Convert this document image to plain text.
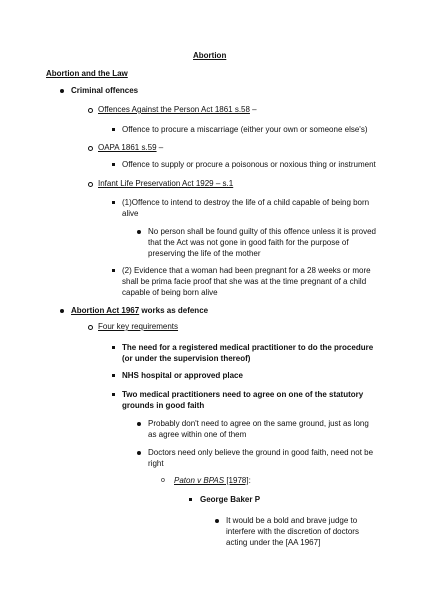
Abortion
Abortion and the Law
Criminal offences
Offences Against the Person Act 1861 s.58 –
Offence to procure a miscarriage (either your own or someone else's)
OAPA 1861 s.59 –
Offence to supply or procure a poisonous or noxious thing or instrument
Infant Life Preservation Act 1929 – s.1
(1)Offence to intend to destroy the life of a child capable of being born
alive
No person shall be found guilty of this offence unless it is proved
that the Act was not gone in good faith for the purpose of
preserving the life of the mother
(2) Evidence that a woman had been pregnant for a 28 weeks or more
shall be prima facie proof that she was at the time pregnant of a child
capable of being born alive
Abortion Act 1967 works as defence
Four key requirements
The need for a registered medical practitioner to do the procedure
(or under the supervision thereof)
NHS hospital or approved place
Two medical practitioners need to agree on one of the statutory
grounds in good faith
Probably don't need to agree on the same ground, just as long
as agree within one of them
Doctors need only believe the ground in good faith, need not be
right
o Paton v BPAS [1978]:
George Baker P
It would be a bold and brave judge to
interfere with the discretion of doctors
acting under the [AA 1967]
